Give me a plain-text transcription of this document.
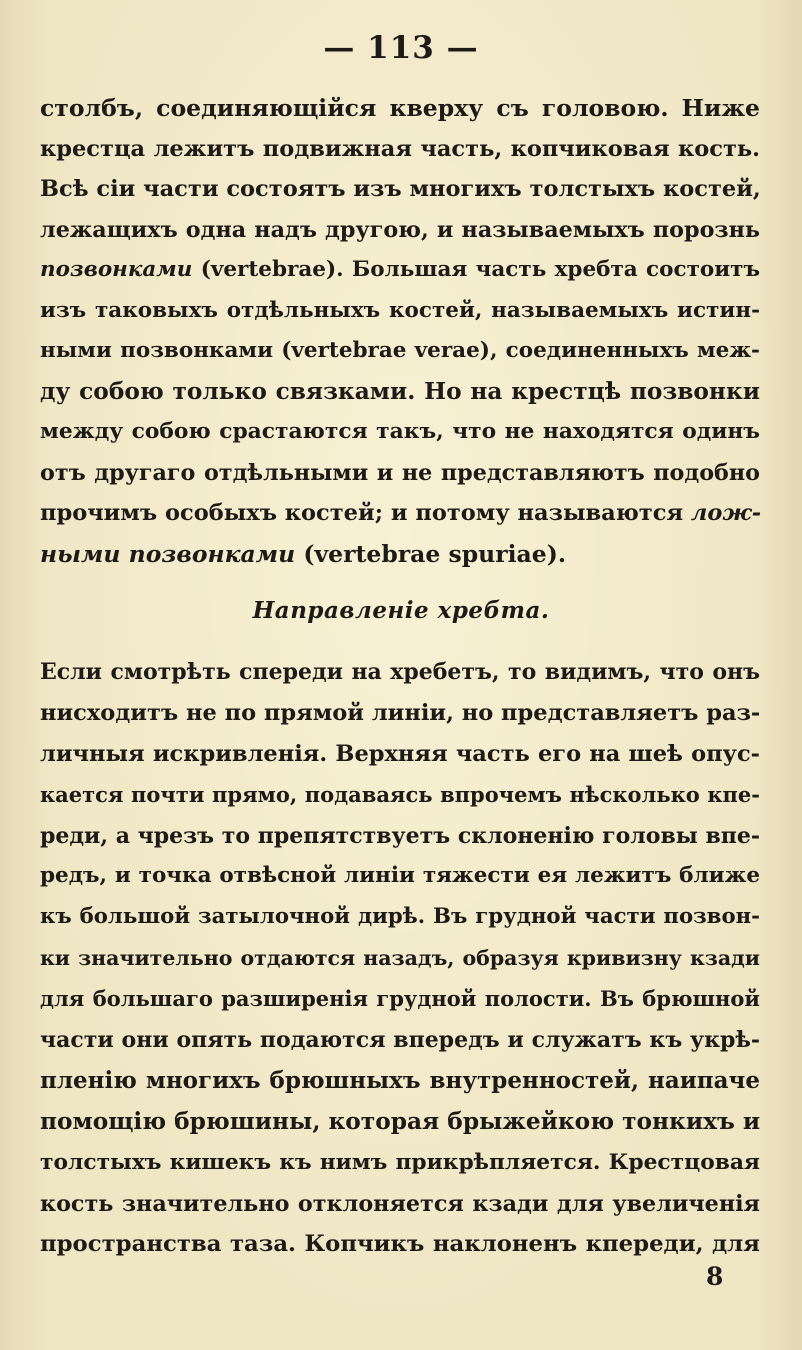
— 113 —
столбъ, соединяющійся кверху съ головою. Ниже
крестца лежитъ подвижная часть, копчиковая кость.
Всѣ сіи части состоятъ изъ многихъ толстыхъ костей,
лежащихъ одна надъ другою, и называемыхъ порознь
позвонками (vertebrae). Большая часть хребта состоитъ
изъ таковыхъ отдѣльныхъ костей, называемыхъ истин-
ными позвонками (vertebrae verae), соединенныхъ меж-
ду собою только связками. Но на крестцѣ позвонки
между собою срастаются такъ, что не находятся одинъ
отъ другаго отдѣльными и не представляютъ подобно
прочимъ особыхъ костей; и потому называются лож-
ными позвонками (vertebrae spuriae).
Направленіе хребта.
Если смотрѣть спереди на хребетъ, то видимъ, что онъ
нисходитъ не по прямой линіи, но представляетъ раз-
личныя искривленія. Верхняя часть его на шеѣ опус-
кается почти прямо, подаваясь впрочемъ нѣсколько кпе-
реди, а чрезъ то препятствуетъ склоненію головы впе-
редъ, и точка отвѣсной линіи тяжести ея лежитъ ближе
къ большой затылочной дирѣ. Въ грудной части позвон-
ки значительно отдаются назадъ, образуя кривизну кзади
для большаго разширенія грудной полости. Въ брюшной
части они опять подаются впередъ и служатъ къ укрѣ-
пленію многихъ брюшныхъ внутренностей, наипаче
помощію брюшины, которая брыжейкою тонкихъ и
толстыхъ кишекъ къ нимъ прикрѣпляется. Крестцовая
кость значительно отклоняется кзади для увеличенія
пространства таза. Копчикъ наклоненъ кпереди, для
8
